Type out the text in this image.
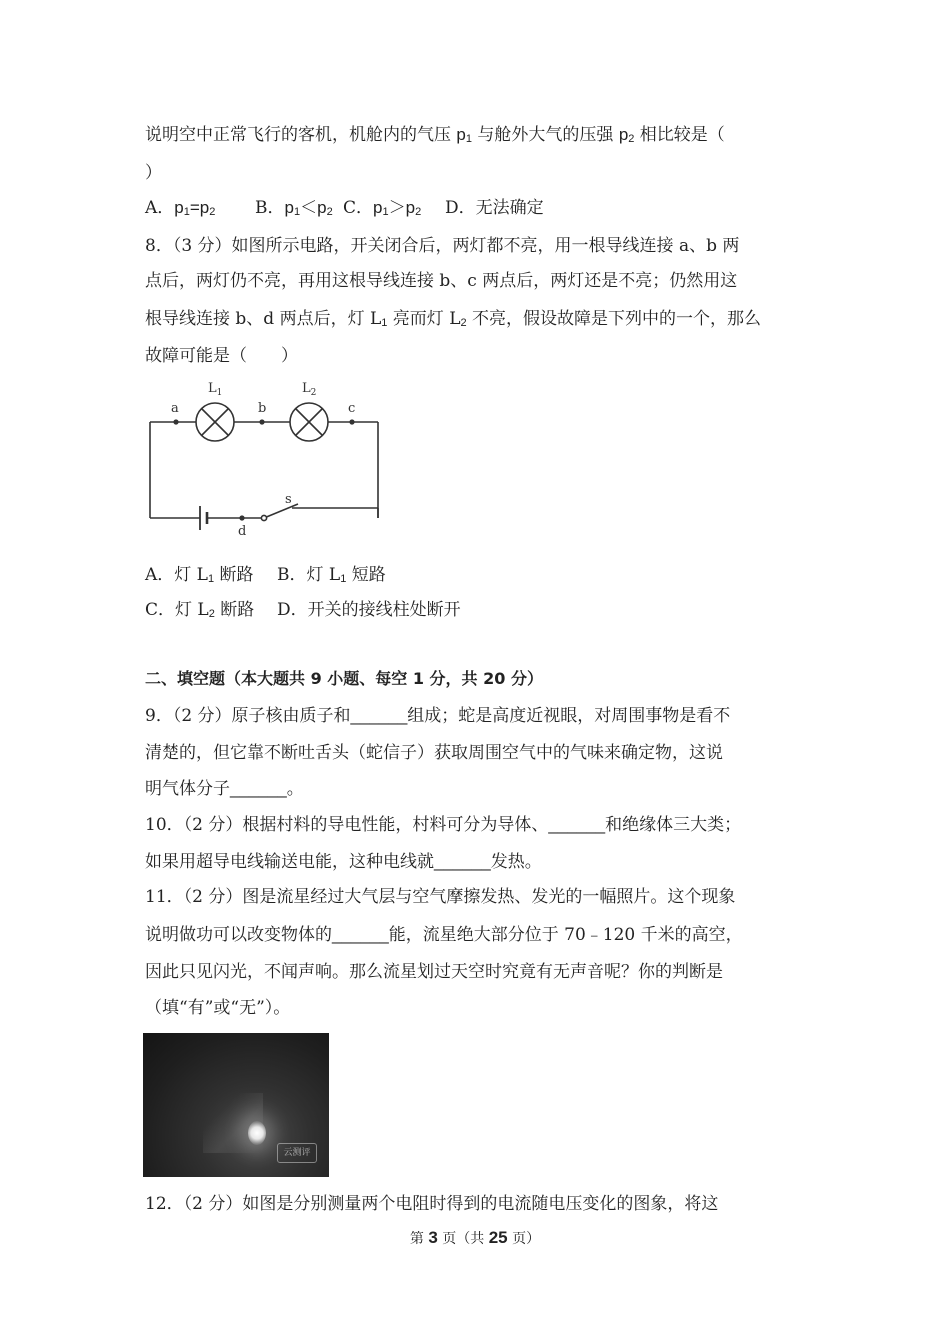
说明空中正常飞行的客机，机舱内的气压 $p_1$ 与舱外大气的压强 $p_2$ 相比较是（
）
A．$p_1=p_2$ B．$p_1<p_2$ C．$p_1>p_2$ D．无法确定
8．（3 分）如图所示电路，开关闭合后，两灯都不亮，用一根导线连接 a、b 两
点后，两灯仍不亮，再用这根导线连接 b、c 两点后，两灯还是不亮；仍然用这
根导线连接 b、d 两点后，灯 $L_1$ 亮而灯 $L_2$ 不亮，假设故障是下列中的一个，那么
故障可能是（　　）
a	b	c
d
s
$L_1$	$L_2$
A．灯 $L_1$ 断路 B．灯 $L_1$ 短路
C．灯 $L_2$ 断路 D．开关的接线柱处断开
二、填空题（本大题共 9 小题、每空 1 分，共 20 分）
9．（2 分）原子核由质子和______组成；蛇是高度近视眼，对周围事物是看不
清楚的，但它靠不断吐舌头（蛇信子）获取周围空气中的气味来确定物，这说
明气体分子______。
10．（2 分）根据村料的导电性能，村料可分为导体、______和绝缘体三大类；
如果用超导电线输送电能，这种电线就______发热。
11．（2 分）图是流星经过大气层与空气摩擦发热、发光的一幅照片。这个现象
说明做功可以改变物体的______能，流星绝大部分位于 70﹣120 千米的高空，
因此只见闪光，不闻声响。那么流星划过天空时究竟有无声音呢？你的判断是
（填“有”或“无”）。
云测评
12．（2 分）如图是分别测量两个电阻时得到的电流随电压变化的图象，将这
第 3 页（共 25 页）
